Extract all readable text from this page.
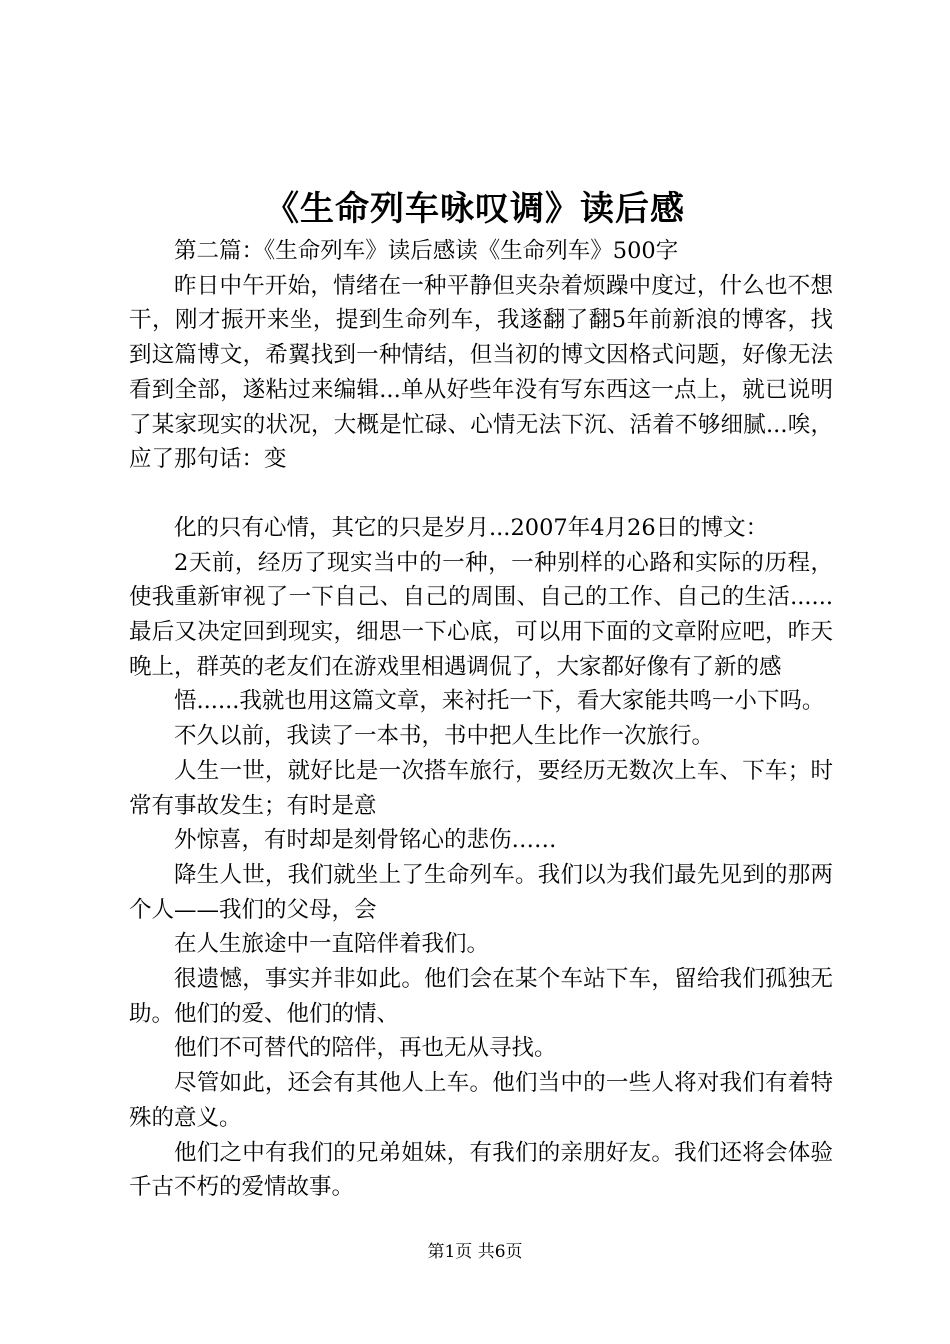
《生命列车咏叹调》读后感

第二篇：《生命列车》读后感读《生命列车》500字

昨日中午开始，情绪在一种平静但夹杂着烦躁中度过，什么也不想干，刚才振开来坐，提到生命列车，我遂翻了翻5年前新浪的博客，找到这篇博文，希翼找到一种情结，但当初的博文因格式问题，好像无法看到全部，遂粘过来编辑...单从好些年没有写东西这一点上，就已说明了某家现实的状况，大概是忙碌、心情无法下沉、活着不够细腻...唉，应了那句话：变

化的只有心情，其它的只是岁月...2007年4月26日的博文：

2天前，经历了现实当中的一种，一种别样的心路和实际的历程，使我重新审视了一下自己、自己的周围、自己的工作、自己的生活......最后又决定回到现实，细思一下心底，可以用下面的文章附应吧，昨天晚上，群英的老友们在游戏里相遇调侃了，大家都好像有了新的感

悟......我就也用这篇文章，来衬托一下，看大家能共鸣一小下吗。

不久以前，我读了一本书，书中把人生比作一次旅行。

人生一世，就好比是一次搭车旅行，要经历无数次上车、下车；时常有事故发生；有时是意

外惊喜，有时却是刻骨铭心的悲伤……

降生人世，我们就坐上了生命列车。我们以为我们最先见到的那两个人——我们的父母，会

在人生旅途中一直陪伴着我们。

很遗憾，事实并非如此。他们会在某个车站下车，留给我们孤独无助。他们的爱、他们的情、

他们不可替代的陪伴，再也无从寻找。

尽管如此，还会有其他人上车。他们当中的一些人将对我们有着特殊的意义。

他们之中有我们的兄弟姐妹，有我们的亲朋好友。我们还将会体验千古不朽的爱情故事。

第1页 共6页
